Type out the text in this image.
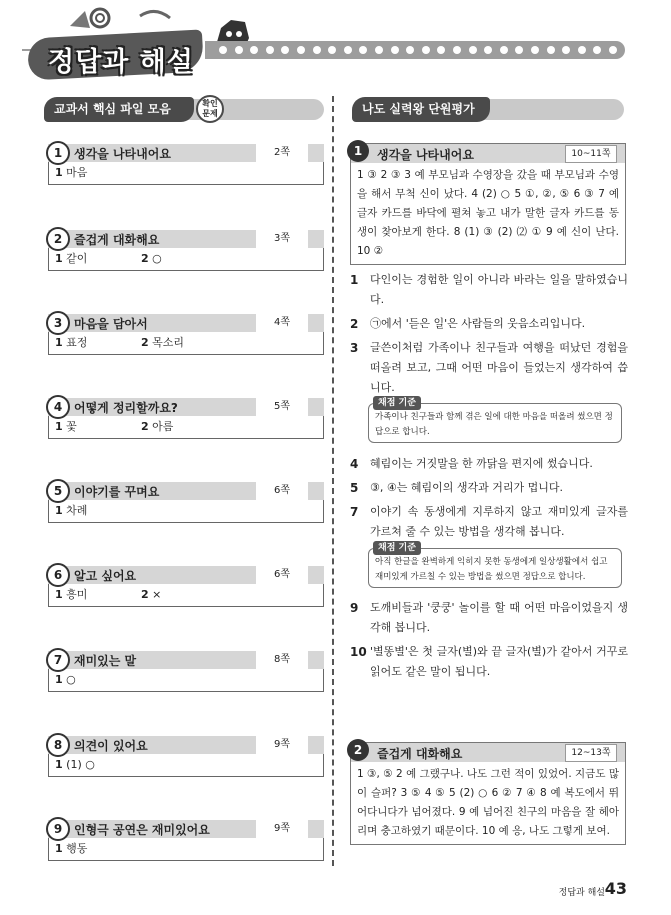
정답과 해설
교과서 핵심 파일 모음	확인 문제	나도 실력왕 단원평가
1 생각을 나타내어요	2쪽
1 마음
2 즐겁게 대화해요	3쪽
1 같이	2 ○
3 마음을 담아서	4쪽
1 표정	2 목소리
4 어떻게 정리할까요?	5쪽
1 꽃	2 아름
5 이야기를 꾸며요	6쪽
1 차례
6 알고 싶어요	6쪽
1 흥미	2 ×
7 재미있는 말	8쪽
1 ○
8 의견이 있어요	9쪽
1 (1) ○
9 인형극 공연은 재미있어요	9쪽
1 행동
1	생각을 나타내어요	10~11쪽
1 ③ 2 ③ 3 예 부모님과 수영장을 갔을 때 부모님과 수영을 해서 무척 신이 났다. 4 (2) ○ 5 ①, ②, ⑤ 6 ③ 7 예 글자 카드를 바닥에 펼쳐 놓고 내가 말한 글자 카드를 동생이 찾아보게 한다. 8 (1) ③ (2) ⑵ ① 9 예 신이 난다. 10 ②
1 다인이는 경험한 일이 아니라 바라는 일을 말하였습니다.
2 ㉠에서 '듣은 일'은 사람들의 웃음소리입니다.
3 글쓴이처럼 가족이나 친구들과 여행을 떠났던 경험을 떠올려 보고, 그때 어떤 마음이 들었는지 생각하여 씁니다.
채점 기준
가족이나 친구들과 함께 겪은 일에 대한 마음을 떠올려 썼으면 정답으로 합니다.
4 혜림이는 거짓말을 한 까닭을 편지에 썼습니다.
5 ③, ④는 혜림이의 생각과 거리가 멉니다.
7 이야기 속 동생에게 지루하지 않고 재미있게 글자를 가르쳐 줄 수 있는 방법을 생각해 봅니다.
채점 기준
아직 한글을 완벽하게 익히지 못한 동생에게 일상생활에서 쉽고 재미있게 가르칠 수 있는 방법을 썼으면 정답으로 합니다.
9 도깨비들과 '쿵쿵' 놀이를 할 때 어떤 마음이었을지 생각해 봅니다.
10 '별똥별'은 첫 글자(별)와 끝 글자(별)가 같아서 거꾸로 읽어도 같은 말이 됩니다.
2	즐겁게 대화해요	12~13쪽
1 ③, ⑤ 2 예 그랬구나. 나도 그런 적이 있었어. 지금도 많이 슬퍼? 3 ⑤ 4 ⑤ 5 (2) ○ 6 ② 7 ④ 8 예 복도에서 뛰어다니다가 넘어졌다. 9 예 넘어진 친구의 마음을 잘 헤아리며 충고하였기 때문이다. 10 예 응, 나도 그렇게 보여.
정답과 해설 43
